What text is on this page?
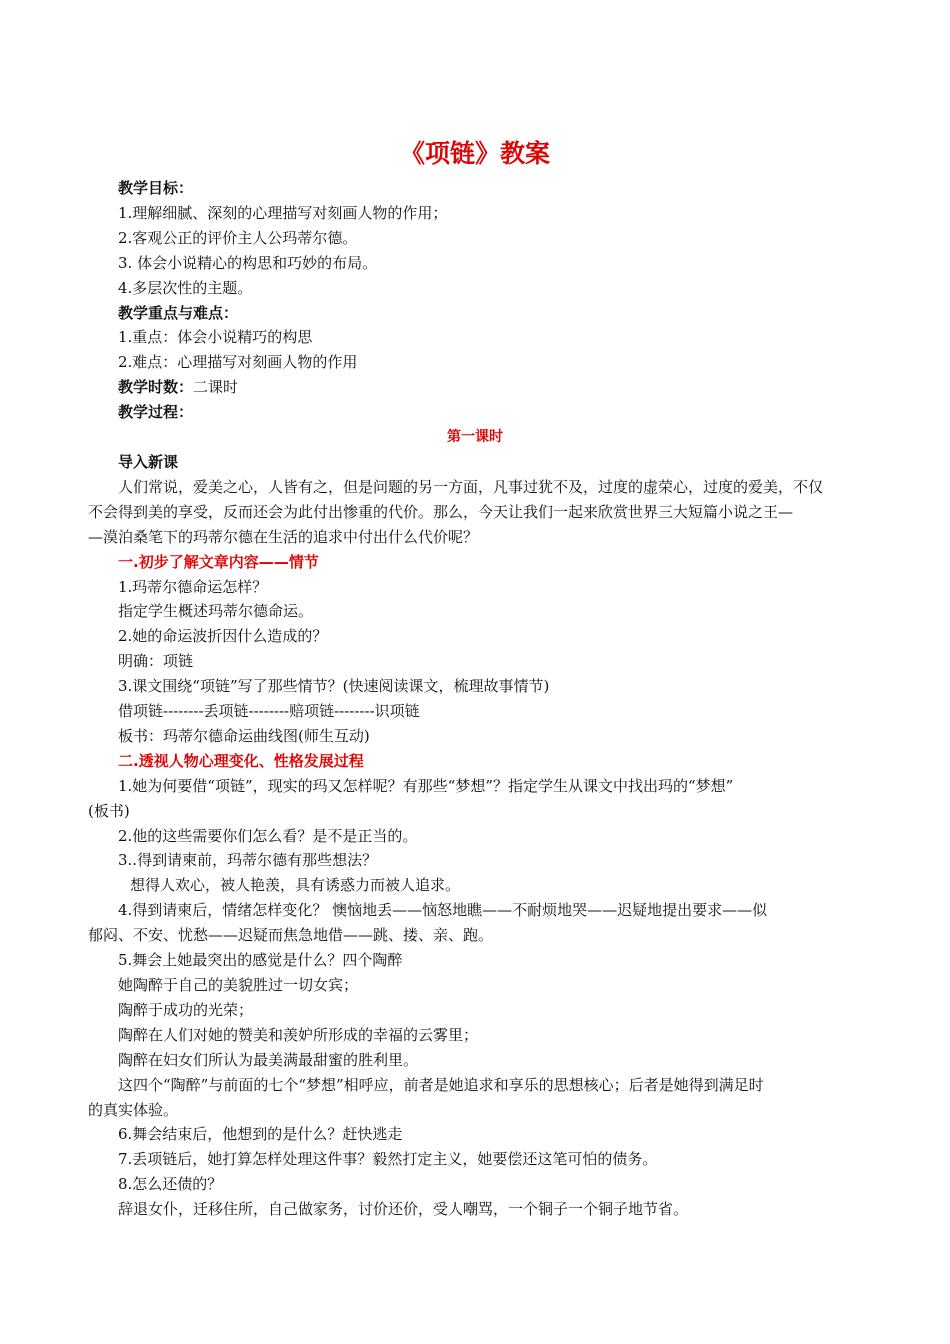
《项链》教案
教学目标：
1.理解细腻、深刻的心理描写对刻画人物的作用；
2.客观公正的评价主人公玛蒂尔德。
3. 体会小说精心的构思和巧妙的布局。
4.多层次性的主题。
教学重点与难点：
1.重点：体会小说精巧的构思
2.难点：心理描写对刻画人物的作用
教学时数：二课时
教学过程：
第一课时
导入新课
人们常说，爱美之心，人皆有之，但是问题的另一方面，凡事过犹不及，过度的虚荣心，过度的爱美，不仅
不会得到美的享受，反而还会为此付出惨重的代价。那么，今天让我们一起来欣赏世界三大短篇小说之王—
—漠泊桑笔下的玛蒂尔德在生活的追求中付出什么代价呢？
一.初步了解文章内容——情节
1.玛蒂尔德命运怎样？
指定学生概述玛蒂尔德命运。
2.她的命运波折因什么造成的？
明确：项链
3.课文围绕“项链”写了那些情节？(快速阅读课文，梳理故事情节)
借项链--------丢项链--------赔项链--------识项链
板书：玛蒂尔德命运曲线图(师生互动)
二.透视人物心理变化、性格发展过程
1.她为何要借“项链”，现实的玛又怎样呢？有那些“梦想”？指定学生从课文中找出玛的“梦想”
(板书)
2.他的这些需要你们怎么看？是不是正当的。
3..得到请柬前，玛蒂尔德有那些想法？
想得人欢心，被人艳羡，具有诱惑力而被人追求。
4.得到请柬后，情绪怎样变化？ 懊恼地丢——恼怒地瞧——不耐烦地哭——迟疑地提出要求——似
郁闷、不安、忧愁——迟疑而焦急地借——跳、搂、亲、跑。
5.舞会上她最突出的感觉是什么？四个陶醉
她陶醉于自己的美貌胜过一切女宾；
陶醉于成功的光荣；
陶醉在人们对她的赞美和羡妒所形成的幸福的云雾里；
陶醉在妇女们所认为最美满最甜蜜的胜利里。
这四个“陶醉”与前面的七个“梦想”相呼应，前者是她追求和享乐的思想核心；后者是她得到满足时
的真实体验。
6.舞会结束后，他想到的是什么？赶快逃走
7.丢项链后，她打算怎样处理这件事？毅然打定主义，她要偿还这笔可怕的债务。
8.怎么还债的？
辞退女仆，迁移住所，自己做家务，讨价还价，受人嘲骂，一个铜子一个铜子地节省。
